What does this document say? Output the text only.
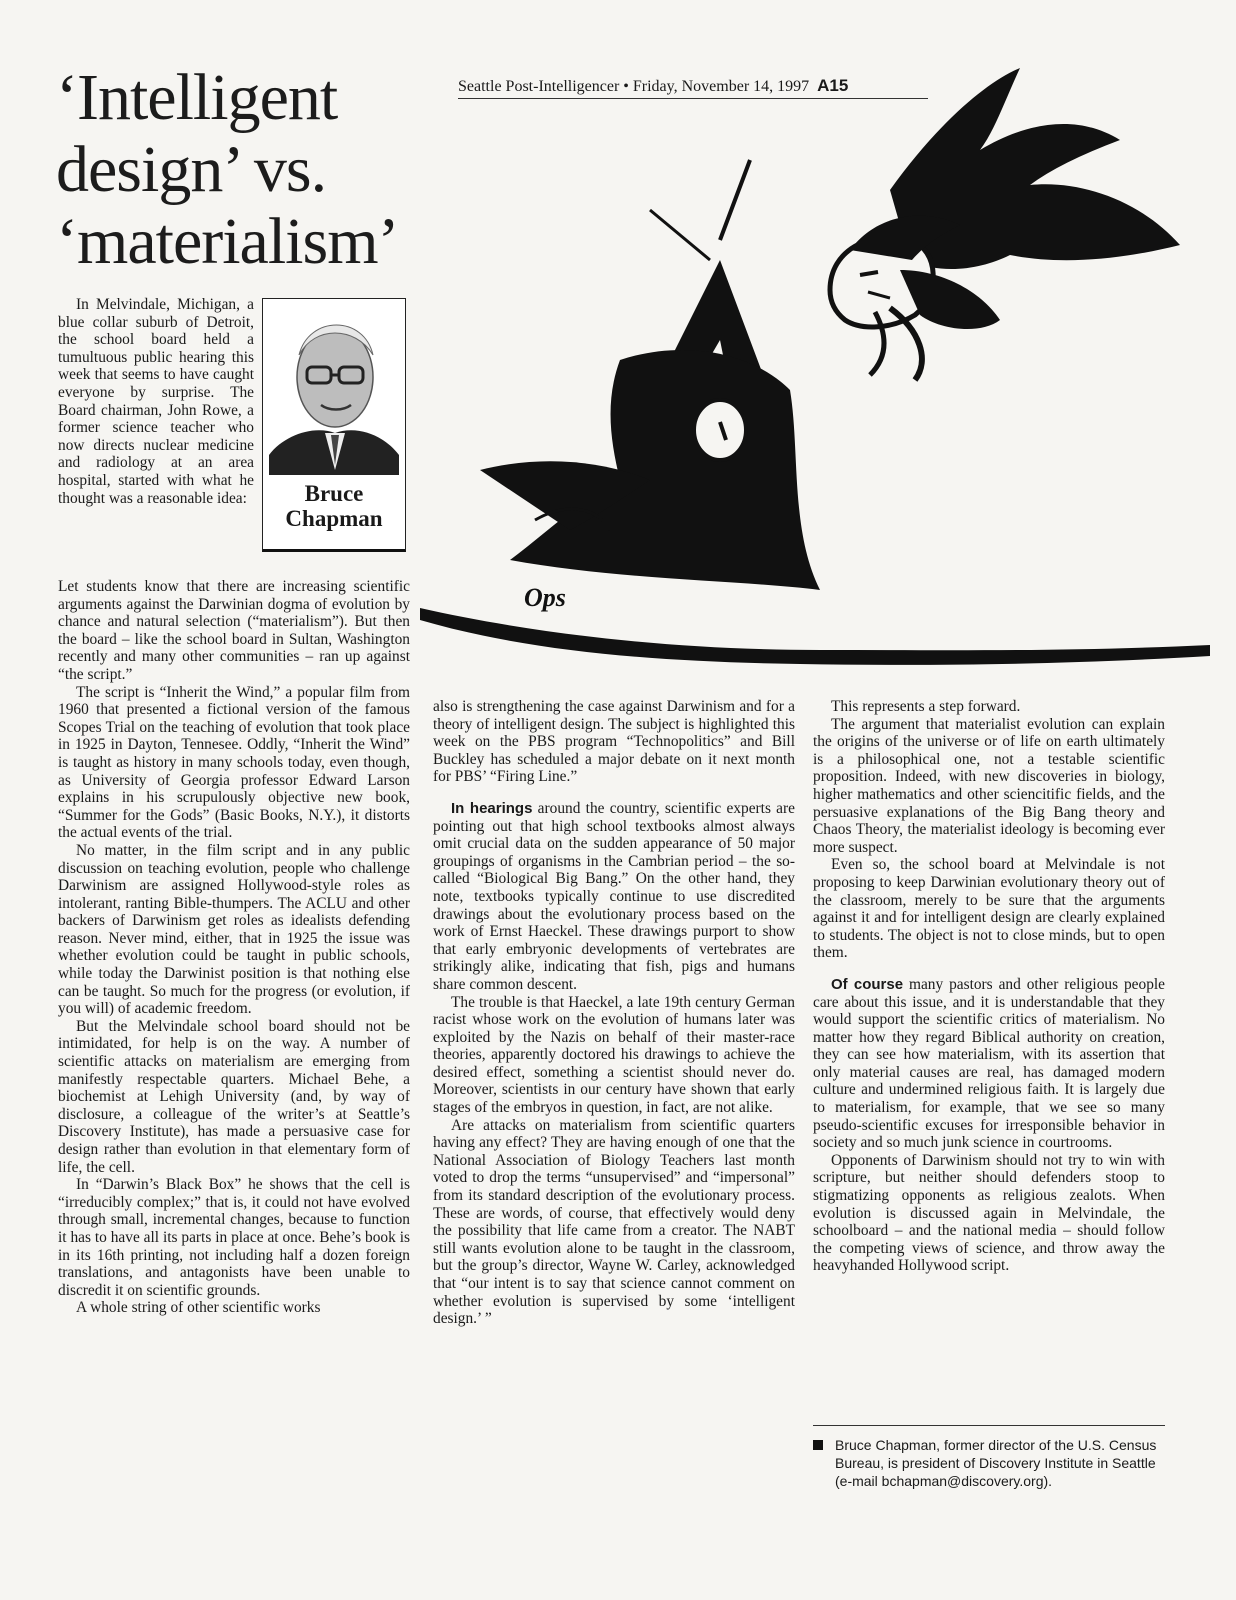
‘Intelligent
design’ vs.
‘materialism’
Seattle Post-Intelligencer • Friday, November 14, 1997 A15
Ops
In Melvindale, Michigan, a blue collar suburb of Detroit, the school board held a tumultuous public hearing this week that seems to have caught everyone by surprise. The Board chairman, John Rowe, a former science teacher who now directs nuclear medicine and radiology at an area hospital, started with what he thought was a reasonable idea:	Bruce
Chapman

Let students know that there are increasing scientific arguments against the Darwinian dogma of evolution by chance and natural selection (“materialism”). But then the board – like the school board in Sultan, Washington recently and many other communities – ran up against “the script.”

The script is “Inherit the Wind,” a popular film from 1960 that presented a fictional version of the famous Scopes Trial on the teaching of evolution that took place in 1925 in Dayton, Tennesee. Oddly, “Inherit the Wind” is taught as history in many schools today, even though, as University of Georgia professor Edward Larson explains in his scrupulously objective new book, “Summer for the Gods” (Basic Books, N.Y.), it distorts the actual events of the trial.

No matter, in the film script and in any public discussion on teaching evolution, people who challenge Darwinism are assigned Hollywood-style roles as intolerant, ranting Bible-thumpers. The ACLU and other backers of Darwinism get roles as idealists defending reason. Never mind, either, that in 1925 the issue was whether evolution could be taught in public schools, while today the Darwinist position is that nothing else can be taught. So much for the progress (or evolution, if you will) of academic freedom.

But the Melvindale school board should not be intimidated, for help is on the way. A number of scientific attacks on materialism are emerging from manifestly respectable quarters. Michael Behe, a biochemist at Lehigh University (and, by way of disclosure, a colleague of the writer’s at Seattle’s Discovery Institute), has made a persuasive case for design rather than evolution in that elementary form of life, the cell.

In “Darwin’s Black Box” he shows that the cell is “irreducibly complex;” that is, it could not have evolved through small, incremental changes, because to function it has to have all its parts in place at once. Behe’s book is in its 16th printing, not including half a dozen foreign translations, and antagonists have been unable to discredit it on scientific grounds.

A whole string of other scientific works

also is strengthening the case against Darwinism and for a theory of intelligent design. The subject is highlighted this week on the PBS program “Technopolitics” and Bill Buckley has scheduled a major debate on it next month for PBS’ “Firing Line.”

In hearings around the country, scientific experts are pointing out that high school textbooks almost always omit crucial data on the sudden appearance of 50 major groupings of organisms in the Cambrian period – the so-called “Biological Big Bang.” On the other hand, they note, textbooks typically continue to use discredited drawings about the evolutionary process based on the work of Ernst Haeckel. These drawings purport to show that early embryonic developments of vertebrates are strikingly alike, indicating that fish, pigs and humans share common descent.

The trouble is that Haeckel, a late 19th century German racist whose work on the evolution of humans later was exploited by the Nazis on behalf of their master-race theories, apparently doctored his drawings to achieve the desired effect, something a scientist should never do. Moreover, scientists in our century have shown that early stages of the embryos in question, in fact, are not alike.

Are attacks on materialism from scientific quarters having any effect? They are having enough of one that the National Association of Biology Teachers last month voted to drop the terms “unsupervised” and “impersonal” from its standard description of the evolutionary process. These are words, of course, that effectively would deny the possibility that life came from a creator. The NABT still wants evolution alone to be taught in the classroom, but the group’s director, Wayne W. Carley, acknowledged that “our intent is to say that science cannot comment on whether evolution is supervised by some ‘intelligent design.’ ”

This represents a step forward.

The argument that materialist evolution can explain the origins of the universe or of life on earth ultimately is a philosophical one, not a testable scientific proposition. Indeed, with new discoveries in biology, higher mathematics and other sciencitific fields, and the persuasive explanations of the Big Bang theory and Chaos Theory, the materialist ideology is becoming ever more suspect.

Even so, the school board at Melvindale is not proposing to keep Darwinian evolutionary theory out of the classroom, merely to be sure that the arguments against it and for intelligent design are clearly explained to students. The object is not to close minds, but to open them.

Of course many pastors and other religious people care about this issue, and it is understandable that they would support the scientific critics of materialism. No matter how they regard Biblical authority on creation, they can see how materialism, with its assertion that only material causes are real, has damaged modern culture and undermined religious faith. It is largely due to materialism, for example, that we see so many pseudo-scientific excuses for irresponsible behavior in society and so much junk science in courtrooms.

Opponents of Darwinism should not try to win with scripture, but neither should defenders stoop to stigmatizing opponents as religious zealots. When evolution is discussed again in Melvindale, the schoolboard – and the national media – should follow the competing views of science, and throw away the heavyhanded Hollywood script.

Bruce Chapman, former director of the U.S. Census Bureau, is president of Discovery Institute in Seattle (e-mail bchapman@discovery.org).
